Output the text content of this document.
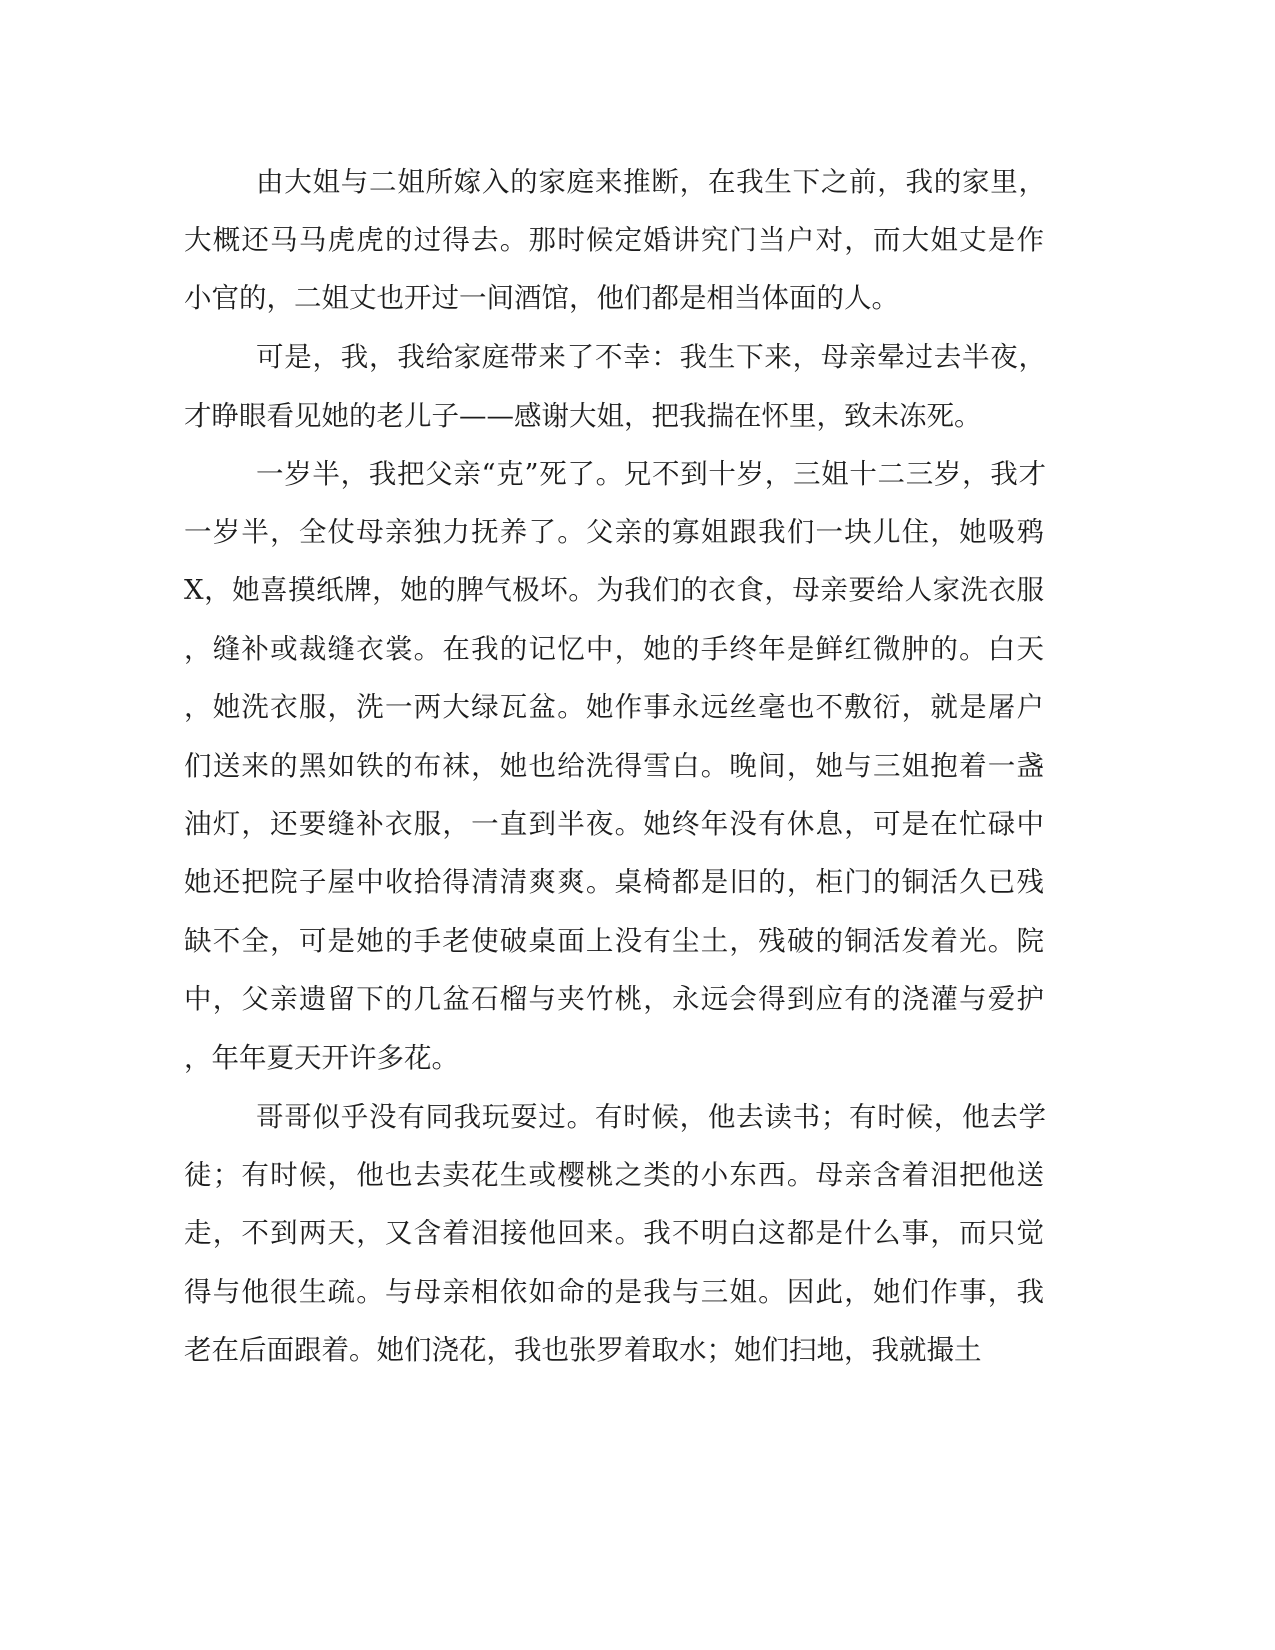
由大姐与二姐所嫁入的家庭来推断，在我生下之前，我的家里，
大概还马马虎虎的过得去。那时候定婚讲究门当户对，而大姐丈是作
小官的，二姐丈也开过一间酒馆，他们都是相当体面的人。
可是，我，我给家庭带来了不幸：我生下来，母亲晕过去半夜，
才睁眼看见她的老儿子——感谢大姐，把我揣在怀里，致未冻死。
一岁半，我把父亲“克”死了。兄不到十岁，三姐十二三岁，我才
一岁半，全仗母亲独力抚养了。父亲的寡姐跟我们一块儿住，她吸鸦
X，她喜摸纸牌，她的脾气极坏。为我们的衣食，母亲要给人家洗衣服
，缝补或裁缝衣裳。在我的记忆中，她的手终年是鲜红微肿的。白天
，她洗衣服，洗一两大绿瓦盆。她作事永远丝毫也不敷衍，就是屠户
们送来的黑如铁的布袜，她也给洗得雪白。晚间，她与三姐抱着一盏
油灯，还要缝补衣服，一直到半夜。她终年没有休息，可是在忙碌中
她还把院子屋中收拾得清清爽爽。桌椅都是旧的，柜门的铜活久已残
缺不全，可是她的手老使破桌面上没有尘土，残破的铜活发着光。院
中，父亲遗留下的几盆石榴与夹竹桃，永远会得到应有的浇灌与爱护
，年年夏天开许多花。
哥哥似乎没有同我玩耍过。有时候，他去读书；有时候，他去学
徒；有时候，他也去卖花生或樱桃之类的小东西。母亲含着泪把他送
走，不到两天，又含着泪接他回来。我不明白这都是什么事，而只觉
得与他很生疏。与母亲相依如命的是我与三姐。因此，她们作事，我
老在后面跟着。她们浇花，我也张罗着取水；她们扫地，我就撮土
